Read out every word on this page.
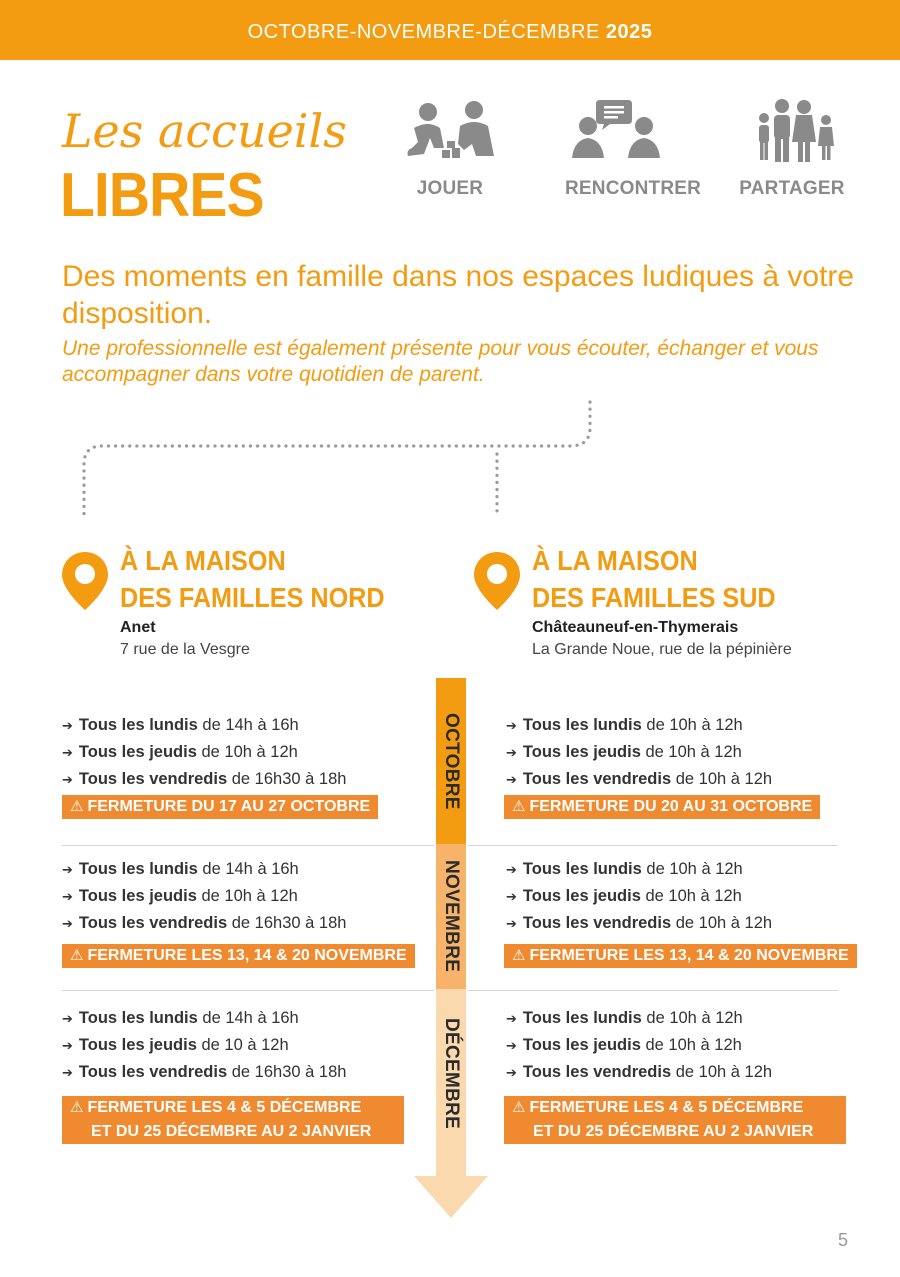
OCTOBRE-NOVEMBRE-DÉCEMBRE 2025
Les accueils
LIBRES	JOUER	RENCONTRER PARTAGER
Des moments en famille dans nos espaces ludiques à votre disposition.
Une professionnelle est également présente pour vous écouter, échanger et vous accompagner dans votre quotidien de parent.
À LA MAISON
DES FAMILLES NORD
Anet
7 rue de la Vesgre
À LA MAISON
DES FAMILLES SUD
Châteauneuf-en-Thymerais
La Grande Noue, rue de la pépinière
OCTOBRE
NOVEMBRE
DÉCEMBRE
➔ Tous les lundis de 14h à 16h
➔ Tous les jeudis de 10h à 12h
➔ Tous les vendredis de 16h30 à 18h
⚠ FERMETURE DU 17 AU 27 OCTOBRE
➔ Tous les lundis de 10h à 12h
➔ Tous les jeudis de 10h à 12h
➔ Tous les vendredis de 10h à 12h
⚠ FERMETURE DU 20 AU 31 OCTOBRE
➔ Tous les lundis de 14h à 16h
➔ Tous les jeudis de 10h à 12h
➔ Tous les vendredis de 16h30 à 18h
⚠ FERMETURE LES 13, 14 & 20 NOVEMBRE
➔ Tous les lundis de 10h à 12h
➔ Tous les jeudis de 10h à 12h
➔ Tous les vendredis de 10h à 12h
⚠ FERMETURE LES 13, 14 & 20 NOVEMBRE
➔ Tous les lundis de 14h à 16h
➔ Tous les jeudis de 10 à 12h
➔ Tous les vendredis de 16h30 à 18h
⚠ FERMETURE LES 4 & 5 DÉCEMBRE
ET DU 25 DÉCEMBRE AU 2 JANVIER
➔ Tous les lundis de 10h à 12h
➔ Tous les jeudis de 10h à 12h
➔ Tous les vendredis de 10h à 12h
⚠ FERMETURE LES 4 & 5 DÉCEMBRE
ET DU 25 DÉCEMBRE AU 2 JANVIER
5
